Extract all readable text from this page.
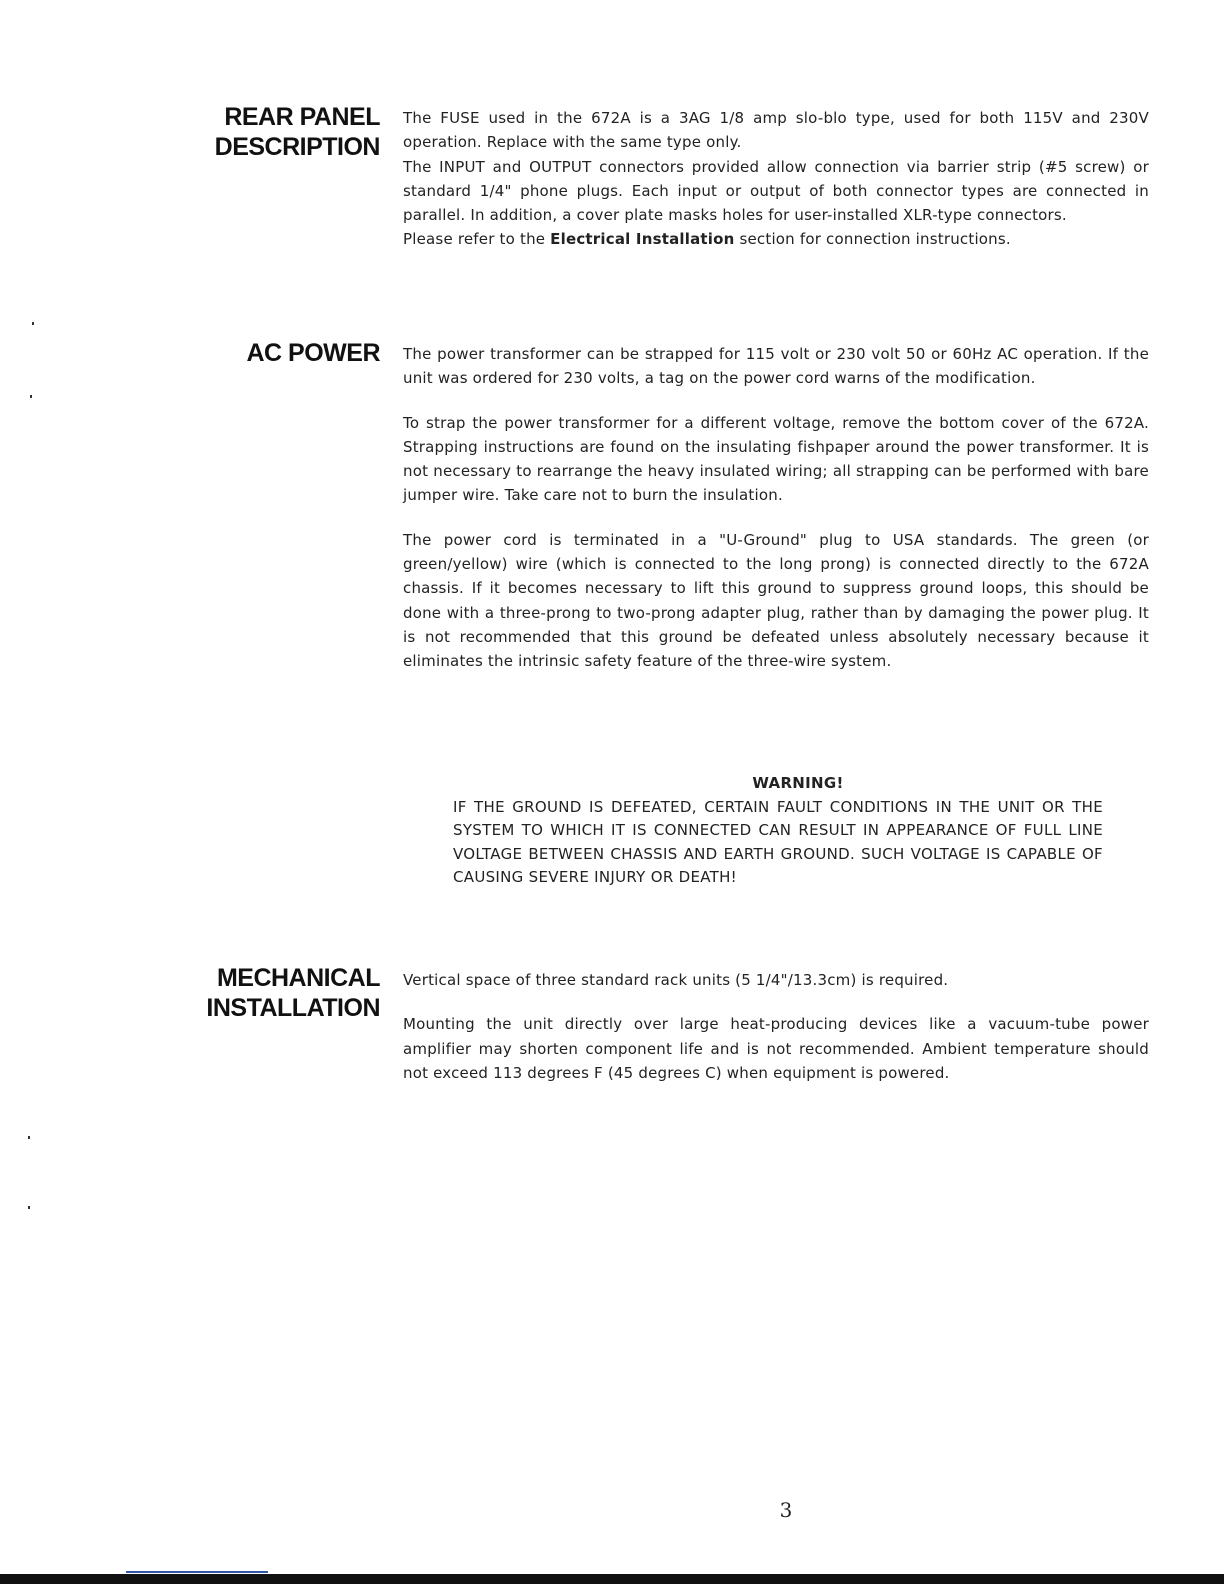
REAR PANEL
DESCRIPTION

The FUSE used in the 672A is a 3AG 1/8 amp slo-blo type, used for both 115V and 230V operation. Replace with the same type only.

The INPUT and OUTPUT connectors provided allow connection via barrier strip (#5 screw) or standard 1/4" phone plugs. Each input or output of both connector types are connected in parallel. In addition, a cover plate masks holes for user-installed XLR-type connectors.

Please refer to the Electrical Installation section for connection instructions.

AC POWER The power transformer can be strapped for 115 volt or 230 volt 50 or 60Hz AC operation. If the unit was ordered for 230 volts, a tag on the power cord warns of the modification.

To strap the power transformer for a different voltage, remove the bottom cover of the 672A. Strapping instructions are found on the insulating fishpaper around the power transformer. It is not necessary to rearrange the heavy insulated wiring; all strapping can be performed with bare jumper wire. Take care not to burn the insulation.

The power cord is terminated in a "U-Ground" plug to USA standards. The green (or green/yellow) wire (which is connected to the long prong) is connected directly to the 672A chassis. If it becomes necessary to lift this ground to suppress ground loops, this should be done with a three-prong to two-prong adapter plug, rather than by damaging the power plug. It is not recommended that this ground be defeated unless absolutely necessary because it eliminates the intrinsic safety feature of the three-wire system.

WARNING!
IF THE GROUND IS DEFEATED, CERTAIN FAULT CONDITIONS IN THE UNIT OR THE SYSTEM TO WHICH IT IS CONNECTED CAN RESULT IN APPEARANCE OF FULL LINE VOLTAGE BETWEEN CHASSIS AND EARTH GROUND. SUCH VOLTAGE IS CAPABLE OF CAUSING SEVERE INJURY OR DEATH!
MECHANICAL
INSTALLATION

Vertical space of three standard rack units (5 1/4"/13.3cm) is required.

Mounting the unit directly over large heat-producing devices like a vacuum-tube power amplifier may shorten component life and is not recommended. Ambient temperature should not exceed 113 degrees F (45 degrees C) when equipment is powered.

3
